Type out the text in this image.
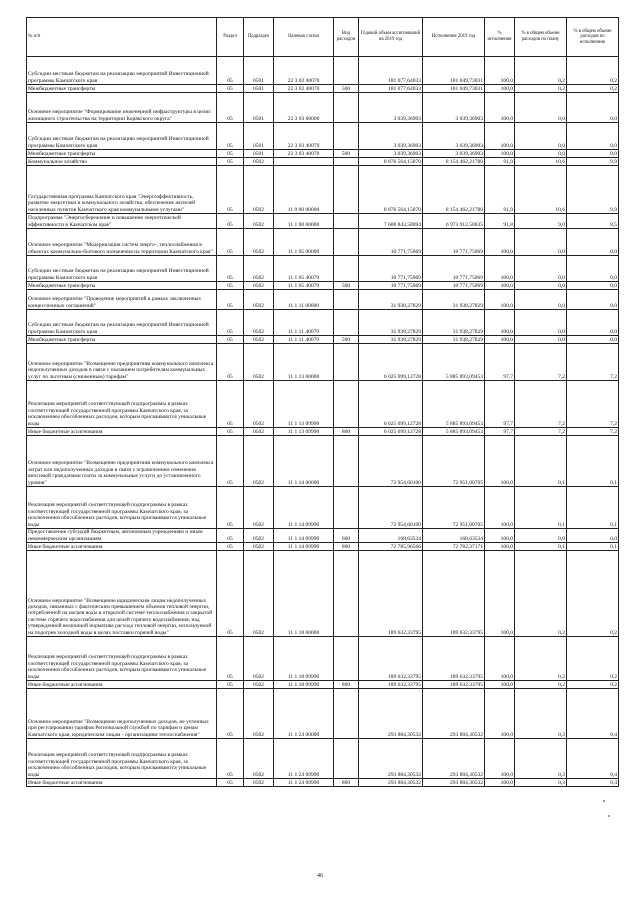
№ п/п	Раздел	Подраздел	Целевая статья	Вид расходов	Годовой объем ассигнований на 2019 год	Исполнение 2019 год	% исполнения	% в общем объеме расходов по плану	% в общем объеме расходов по исполнению
Субсидии местным бюджетам на реализацию мероприятий Инвестиционной программы Камчатского края	05	0501	22 3 02 40070		181 077,64033	181 049,73031	100,0	0,2	0,2
Межбюджетные трансферты	05	0501	22 3 02 40070	500	181 077,64033	181 049,73031	100,0	0,2	0,2
Основное мероприятие "Формирование инженерной инфраструктуры в целях жилищного строительства на территории Корякского округа"	05	0501	22 3 03 00000		3 039,36903	3 039,36903	100,0	0,0	0,0
Субсидии местным бюджетам на реализацию мероприятий Инвестиционной программы Камчатского края	05	0501	22 3 03 40070		3 039,36903	3 039,36903	100,0	0,0	0,0
Межбюджетные трансферты	05	0501	22 3 03 40070	500	3 039,36903	3 039,36903	100,0	0,0	0,0
Коммунальное хозяйство	05	0502			8 876 564,15870	8 154 462,21780	91,9	10,6	9,9
Государственная программа Камчатского края "Энергоэффективность, развитие энергетики и коммунального хозяйства, обеспечение жителей населенных пунктов Камчатского края коммунальными услугами"	05	0502	11 0 00 00000		8 876 564,15870	8 154 462,21780	91,9	10,6	9,9
Подпрограмма "Энергосбережение и повышение энергетической эффективности в Камчатском крае"	05	0502	11 1 00 00000		7 600 843,58094	6 973 912,50835	91,8	9,0	8,5
Основное мероприятие "Модернизация систем энерго-, теплоснабжения в объектах коммунально-бытового назначения на территории Камчатского края"	05	0502	11 1 05 00000		10 771,75069	10 771,75069	100,0	0,0	0,0
Субсидии местным бюджетам на реализацию мероприятий Инвестиционной программы Камчатского края	05	0502	11 1 05 40070		10 771,75069	10 771,75069	100,0	0,0	0,0
Межбюджетные трансферты	05	0502	11 1 05 40070	500	10 771,75069	10 771,75069	100,0	0,0	0,0
Основное мероприятие "Проведение мероприятий в рамках заключенных концессионных соглашений"	05	0502	11 1 11 00000		31 938,27829	31 938,27829	100,0	0,0	0,0
Субсидии местным бюджетам на реализацию мероприятий Инвестиционной программы Камчатского края	05	0502	11 1 11 40070		31 938,27829	31 938,27829	100,0	0,0	0,0
Межбюджетные трансферты	05	0502	11 1 11 40070	500	31 938,27829	31 938,27829	100,0	0,0	0,0
Основное мероприятие "Возмещение предприятиям коммунального комплекса недополученных доходов в связи с оказанием потребителям коммунальных услуг по льготным (сниженным) тарифам"	05	0502	11 1 13 00000		6 025 099,12728	5 885 893,09453	97,7	7,2	7,2
Реализация мероприятий соответствующей подпрограммы в рамках соответствующей государственной программы Камчатского края, за исключением обособленных расходов, которым присваиваются уникальные коды	05	0502	11 1 13 09990		6 025 099,12728	5 885 893,09453	97,7	7,2	7,2
Иные бюджетные ассигнования	05	0502	11 1 13 09990	800	6 025 099,12728	5 885 893,09453	97,7	7,2	7,2
Основное мероприятие "Возмещение предприятиям коммунального комплекса затрат или недополученных доходов в связи с ограничением изменения вносимой гражданами платы за коммунальные услуги до установленного уровня"	05	0502	11 1 14 00000		72 954,60100	72 951,00705	100,0	0,1	0,1
Реализация мероприятий соответствующей подпрограммы в рамках соответствующей государственной программы Камчатского края, за исключением обособленных расходов, которым присваиваются уникальные коды	05	0502	11 1 14 09990		72 954,60100	72 951,00705	100,0	0,1	0,1
Предоставление субсидий бюджетным, автономным учреждениям и иным некоммерческим организациям	05	0502	11 1 14 09990	600	168,63534	168,63534	100,0	0,0	0,0
Иные бюджетные ассигнования	05	0502	11 1 14 09990	800	72 785,96566	72 782,37171	100,0	0,1	0,1
Основное мероприятие "Возмещение юридическим лицам недополученных доходов, связанных с фактическим превышением объемов тепловой энергии, потребленной на нагрев воды в открытой системе теплоснабжения и закрытой системе горячего водоснабжения для целей горячего водоснабжения, над утвержденной величиной норматива расхода тепловой энергии, используемой на подогрев холодной воды в целях поставки горячей воды"	05	0502	11 1 18 00000		189 632,33795	189 632,33795	100,0	0,2	0,2
Реализация мероприятий соответствующей подпрограммы в рамках соответствующей государственной программы Камчатского края, за исключением обособленных расходов, которым присваиваются уникальные коды	05	0502	11 1 18 09990		189 632,33795	189 632,33795	100,0	0,2	0,2
Иные бюджетные ассигнования	05	0502	11 1 18 09990	800	189 632,33795	189 632,33795	100,0	0,2	0,2
Основное мероприятие "Возмещение недополученных доходов, не учтенных при регулировании тарифов Региональной службой по тарифам и ценам Камчатского края, юридическим лицам - организациям теплоснабжения"	05	0502	11 1 24 00000		293 884,30532	293 884,30532	100,0	0,3	0,4
Реализация мероприятий соответствующей подпрограммы в рамках соответствующей государственной программы Камчатского края, за исключением обособленных расходов, которым присваиваются уникальные коды	05	0502	11 1 24 09990		293 884,30532	293 884,30532	100,0	0,3	0,4
Иные бюджетные ассигнования	05	0502	11 1 24 09990	800	293 884,30532	293 884,30532	100,0	0,3	0,4
46
